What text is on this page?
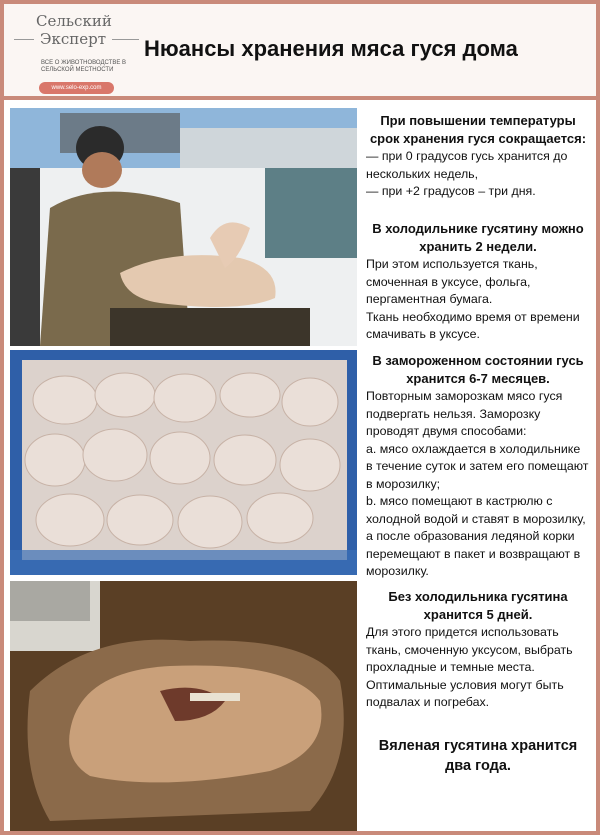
Сельский
Эксперт
ВСЕ О ЖИВОТНОВОДСТВЕ В СЕЛЬСКОЙ МЕСТНОСТИ
www.selo-exp.com
Нюансы хранения мяса гуся дома

При повышении температуры срок хранения гуся сокращается:

— при 0 градусов гусь хранится до нескольких недель,

— при +2 градусов – три дня.

В холодильнике гусятину можно хранить 2 недели.

При этом используется ткань, смоченная в уксусе, фольга, пергаментная бумага.

Ткань необходимо время от времени смачивать в уксусе.

В замороженном состоянии гусь хранится 6-7 месяцев.

Повторным заморозкам мясо гуся подвергать нельзя. Заморозку проводят двумя способами:

a. мясо охлаждается в холодильнике в течение суток и затем его помещают в морозилку;

b. мясо помещают в кастрюлю с холодной водой и ставят в морозилку, а после образования ледяной корки перемещают в пакет и возвращают в морозилку.

Без холодильника гусятина хранится 5 дней.

Для этого придется использовать ткань, смоченную уксусом, выбрать прохладные и темные места.

Оптимальные условия могут быть подвалах и погребах.

Вяленая гусятина хранится два года.
